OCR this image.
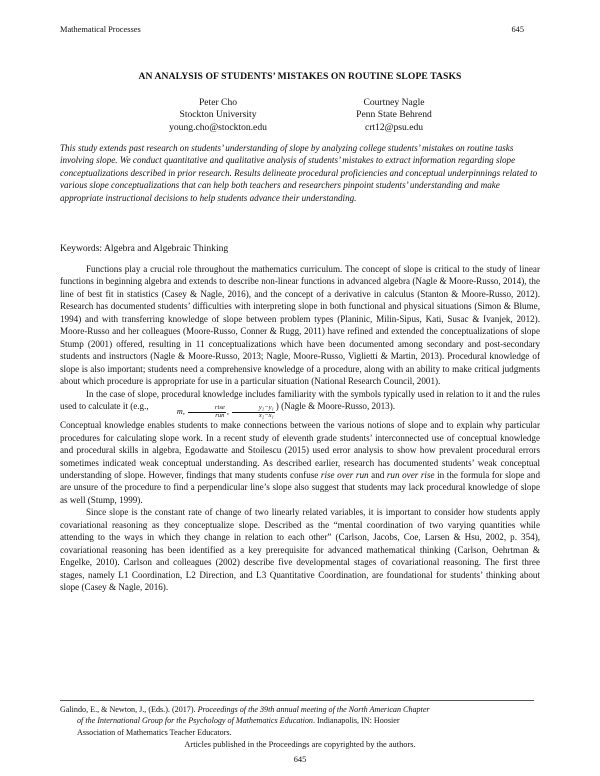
Mathematical Processes	645
AN ANALYSIS OF STUDENTS’ MISTAKES ON ROUTINE SLOPE TASKS
Peter Cho
Stockton University
young.cho@stockton.edu
Courtney Nagle
Penn State Behrend
crt12@psu.edu
This study extends past research on students’ understanding of slope by analyzing college students’ mistakes on routine tasks involving slope. We conduct quantitative and qualitative analysis of students’ mistakes to extract information regarding slope conceptualizations described in prior research. Results delineate procedural proficiencies and conceptual underpinnings related to various slope conceptualizations that can help both teachers and researchers pinpoint students’ understanding and make appropriate instructional decisions to help students advance their understanding.
Keywords: Algebra and Algebraic Thinking

Functions play a crucial role throughout the mathematics curriculum. The concept of slope is critical to the study of linear functions in beginning algebra and extends to describe non-linear functions in advanced algebra (Nagle & Moore-Russo, 2014), the line of best fit in statistics (Casey & Nagle, 2016), and the concept of a derivative in calculus (Stanton & Moore-Russo, 2012). Research has documented students’ difficulties with interpreting slope in both functional and physical situations (Simon & Blume, 1994) and with transferring knowledge of slope between problem types (Planinic, Milin-Sipus, Kati, Susac & Ivanjek, 2012). Moore-Russo and her colleagues (Moore-Russo, Conner & Rugg, 2011) have refined and extended the conceptualizations of slope Stump (2001) offered, resulting in 11 conceptualizations which have been documented among secondary and post-secondary students and instructors (Nagle & Moore-Russo, 2013; Nagle, Moore-Russo, Viglietti & Martin, 2013). Procedural knowledge of slope is also important; students need a comprehensive knowledge of a procedure, along with an ability to make critical judgments about which procedure is appropriate for use in a particular situation (National Research Council, 2001).

In the case of slope, procedural knowledge includes familiarity with the symbols typically used in relation to it and the rules used to calculate it (e.g., m, $\frac{\text{rise}}{\text{run}}$ , $\frac{\text{y₂−y₁}}{\text{x₂−x₁}}$ ) (Nagle & Moore-Russo, 2013).

Conceptual knowledge enables students to make connections between the various notions of slope and to explain why particular procedures for calculating slope work. In a recent study of eleventh grade students’ interconnected use of conceptual knowledge and procedural skills in algebra, Egodawatte and Stoilescu (2015) used error analysis to show how prevalent procedural errors sometimes indicated weak conceptual understanding. As described earlier, research has documented students’ weak conceptual understanding of slope. However, findings that many students confuse rise over run and run over rise in the formula for slope and are unsure of the procedure to find a perpendicular line’s slope also suggest that students may lack procedural knowledge of slope as well (Stump, 1999).

Since slope is the constant rate of change of two linearly related variables, it is important to consider how students apply covariational reasoning as they conceptualize slope. Described as the “mental coordination of two varying quantities while attending to the ways in which they change in relation to each other” (Carlson, Jacobs, Coe, Larsen & Hsu, 2002, p. 354), covariational reasoning has been identified as a key prerequisite for advanced mathematical thinking (Carlson, Oehrtman & Engelke, 2010). Carlson and colleagues (2002) describe five developmental stages of covariational reasoning. The first three stages, namely L1 Coordination, L2 Direction, and L3 Quantitative Coordination, are foundational for students’ thinking about slope (Casey & Nagle, 2016).

Galindo, E., & Newton, J., (Eds.). (2017). Proceedings of the 39th annual meeting of the North American Chapter
of the International Group for the Psychology of Mathematics Education. Indianapolis, IN: Hoosier
Association of Mathematics Teacher Educators.
Articles published in the Proceedings are copyrighted by the authors.
645
